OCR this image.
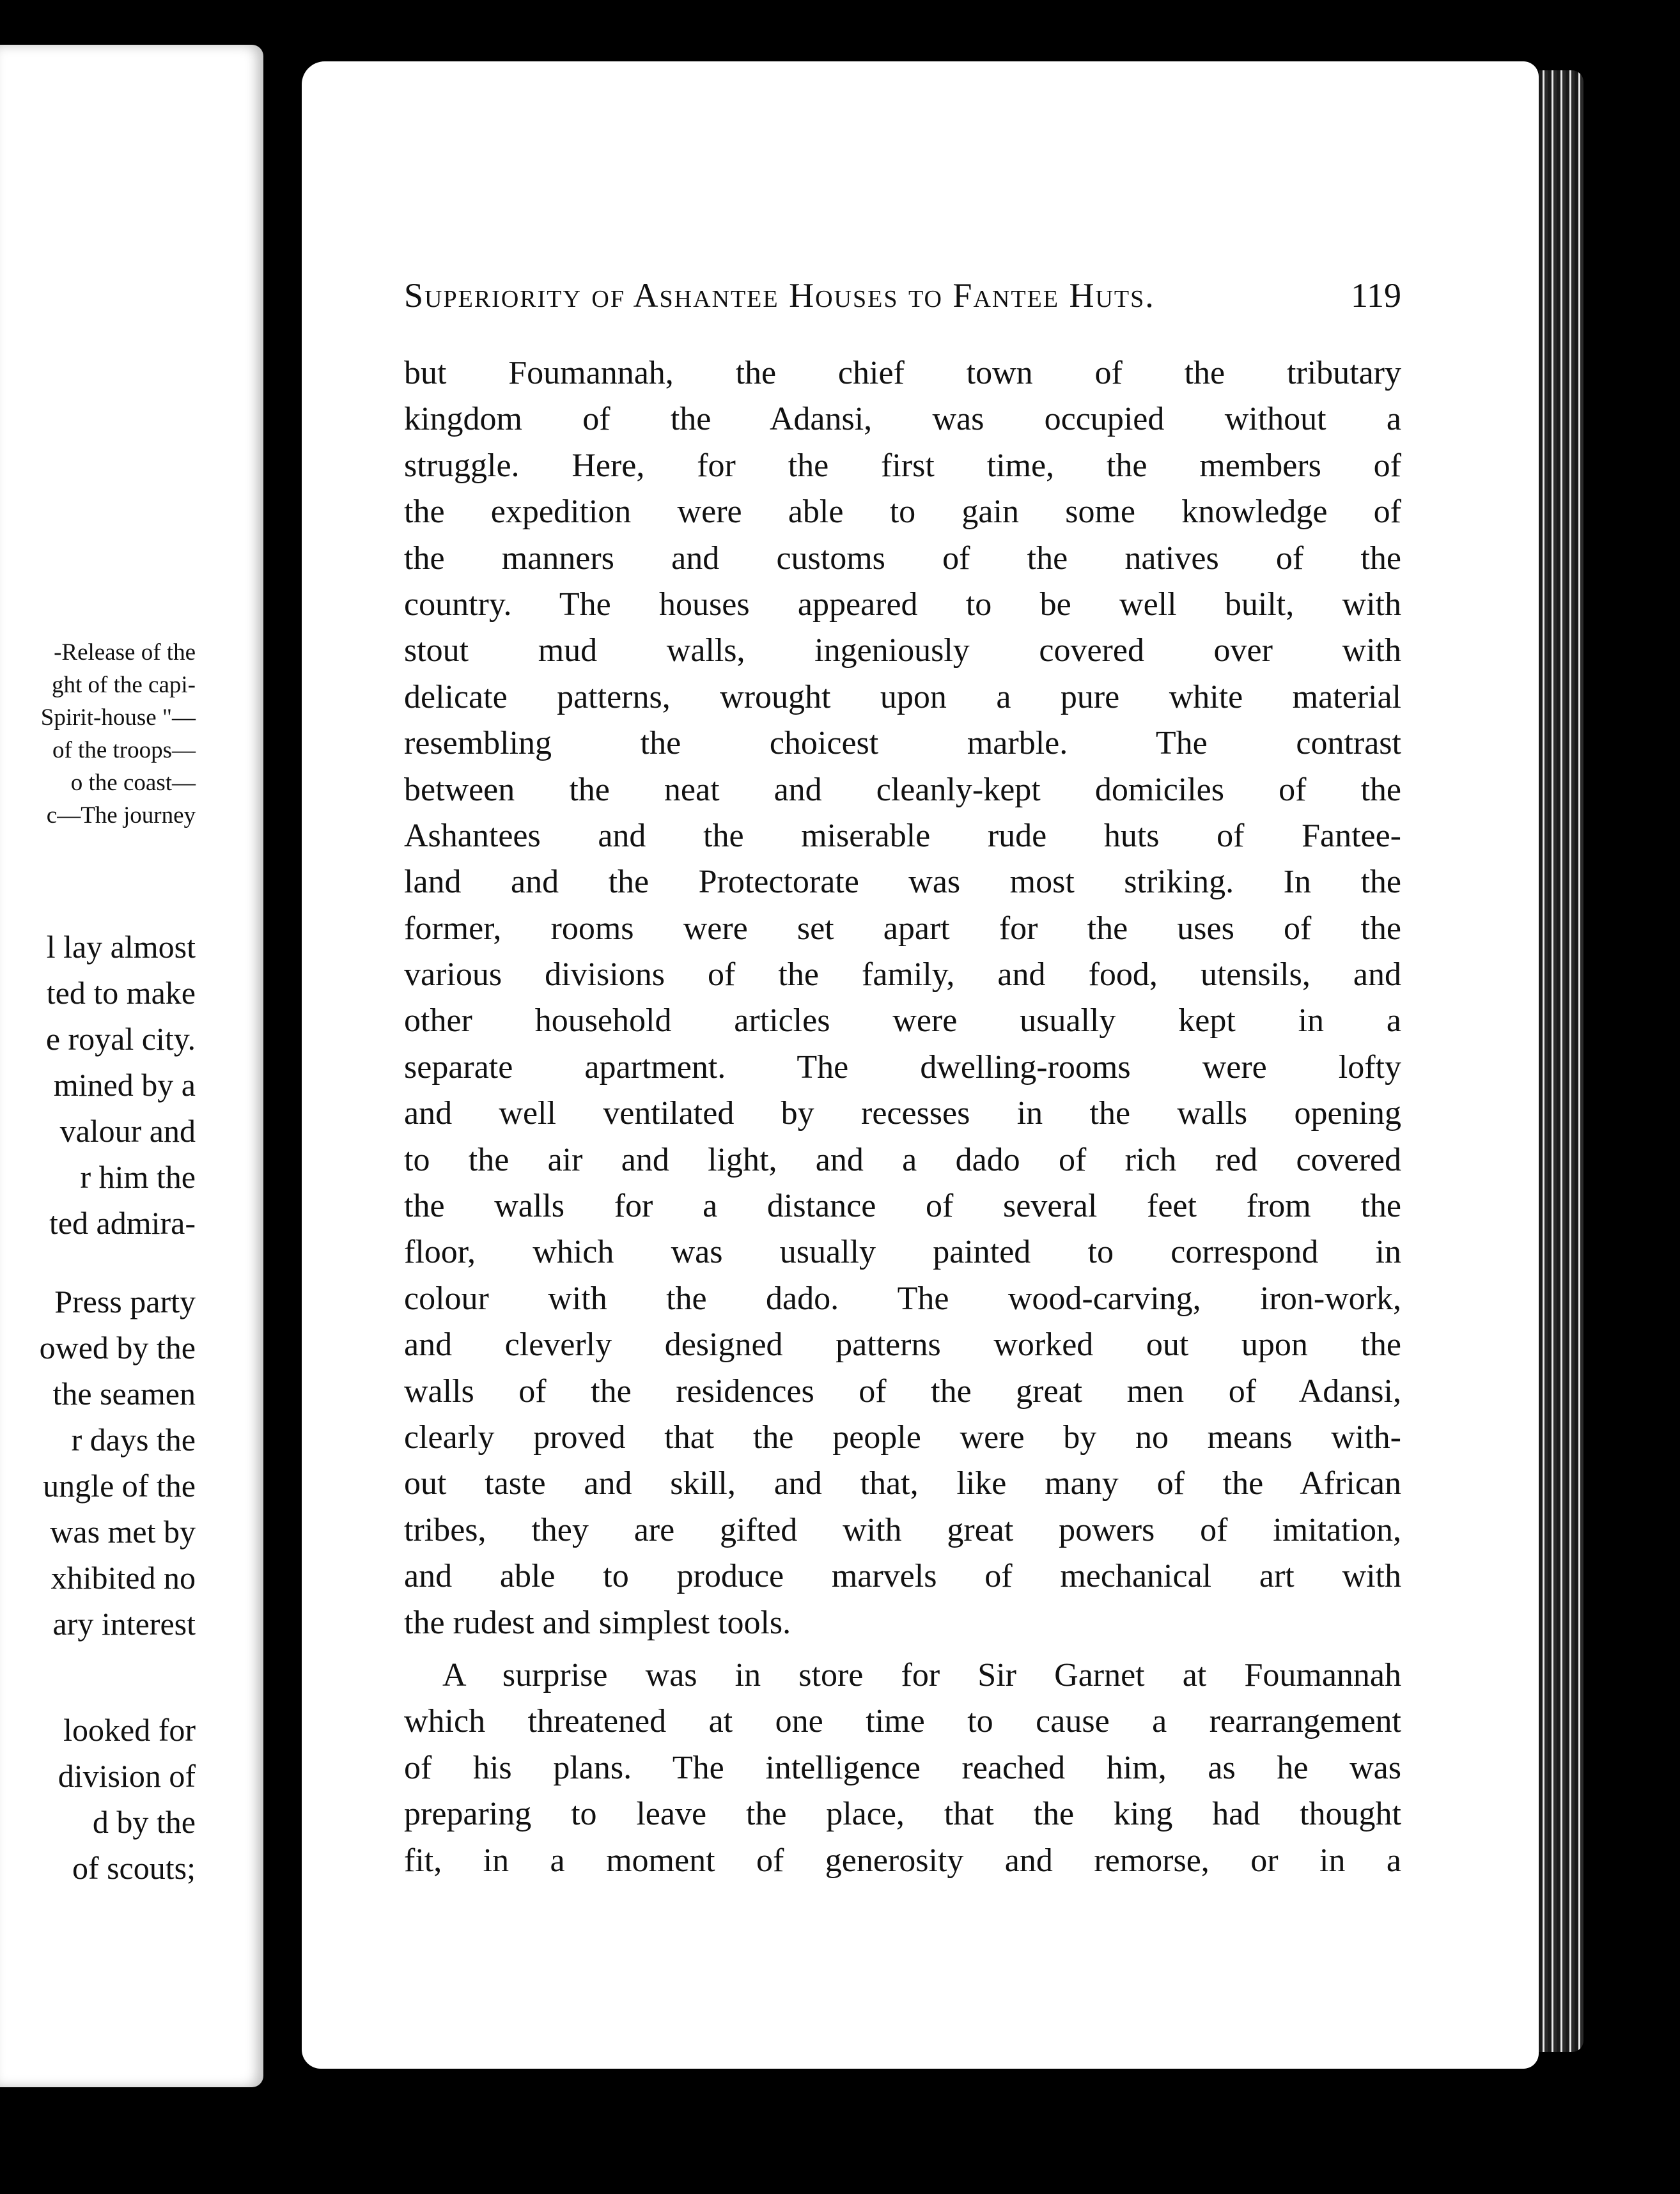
-Release of the
ght of the capi-
Spirit-house "—
of the troops—
o the coast—
c—The journey
l lay almost
ted to make
e royal city.
mined by a
valour and
r him the
ted admira-
Press party
owed by the
the seamen
r days the
ungle of the
was met by
xhibited no
ary interest
looked for
division of
d by the
of scouts;
Superiority of Ashantee Houses to Fantee Huts.	119
but Foumannah, the chief town of the tributary
kingdom of the Adansi, was occupied without a
struggle. Here, for the first time, the members of
the expedition were able to gain some knowledge of
the manners and customs of the natives of the
country. The houses appeared to be well built, with
stout mud walls, ingeniously covered over with
delicate patterns, wrought upon a pure white material
resembling the choicest marble. The contrast
between the neat and cleanly-kept domiciles of the
Ashantees and the miserable rude huts of Fantee-
land and the Protectorate was most striking. In the
former, rooms were set apart for the uses of the
various divisions of the family, and food, utensils, and
other household articles were usually kept in a
separate apartment. The dwelling-rooms were lofty
and well ventilated by recesses in the walls opening
to the air and light, and a dado of rich red covered
the walls for a distance of several feet from the
floor, which was usually painted to correspond in
colour with the dado. The wood-carving, iron-work,
and cleverly designed patterns worked out upon the
walls of the residences of the great men of Adansi,
clearly proved that the people were by no means with-
out taste and skill, and that, like many of the African
tribes, they are gifted with great powers of imitation,
and able to produce marvels of mechanical art with
the rudest and simplest tools.
A surprise was in store for Sir Garnet at Foumannah
which threatened at one time to cause a rearrangement
of his plans. The intelligence reached him, as he was
preparing to leave the place, that the king had thought
fit, in a moment of generosity and remorse, or in a
